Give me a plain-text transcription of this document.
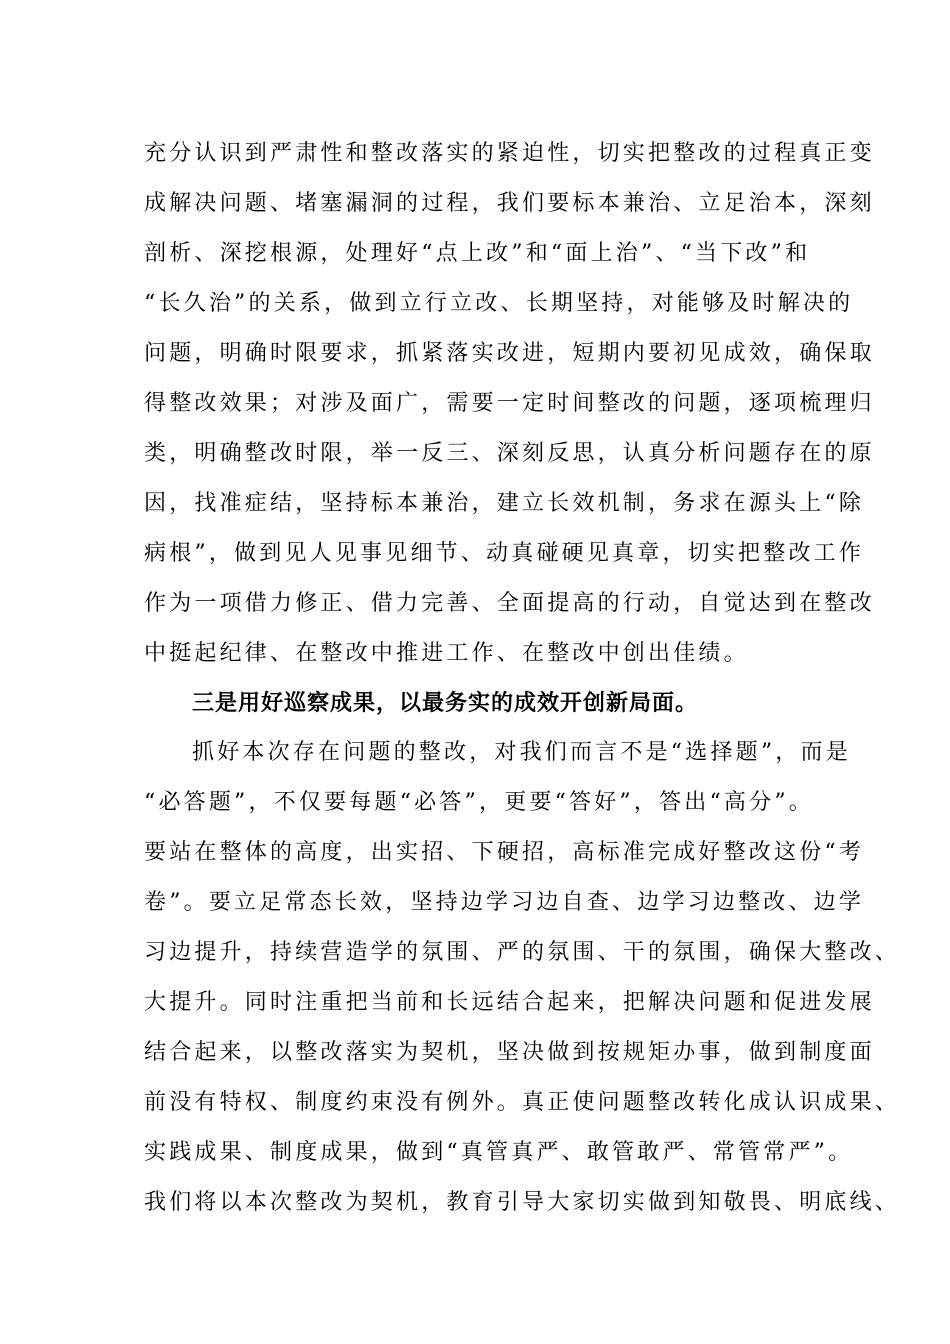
充分认识到严肃性和整改落实的紧迫性，切实把整改的过程真正变
成解决问题、堵塞漏洞的过程，我们要标本兼治、立足治本，深刻
剖析、深挖根源，处理好“点上改”和“面上治”、“当下改”和
“长久治”的关系，做到立行立改、长期坚持，对能够及时解决的
问题，明确时限要求，抓紧落实改进，短期内要初见成效，确保取
得整改效果；对涉及面广，需要一定时间整改的问题，逐项梳理归
类，明确整改时限，举一反三、深刻反思，认真分析问题存在的原
因，找准症结，坚持标本兼治，建立长效机制，务求在源头上“除
病根”，做到见人见事见细节、动真碰硬见真章，切实把整改工作
作为一项借力修正、借力完善、全面提高的行动，自觉达到在整改
中挺起纪律、在整改中推进工作、在整改中创出佳绩。
三是用好巡察成果，以最务实的成效开创新局面。
抓好本次存在问题的整改，对我们而言不是“选择题”，而是
“必答题”，不仅要每题“必答”，更要“答好”，答出“高分”。
要站在整体的高度，出实招、下硬招，高标准完成好整改这份“考
卷”。要立足常态长效，坚持边学习边自查、边学习边整改、边学
习边提升，持续营造学的氛围、严的氛围、干的氛围，确保大整改、
大提升。同时注重把当前和长远结合起来，把解决问题和促进发展
结合起来，以整改落实为契机，坚决做到按规矩办事，做到制度面
前没有特权、制度约束没有例外。真正使问题整改转化成认识成果、
实践成果、制度成果，做到“真管真严、敢管敢严、常管常严”。
我们将以本次整改为契机，教育引导大家切实做到知敬畏、明底线、
